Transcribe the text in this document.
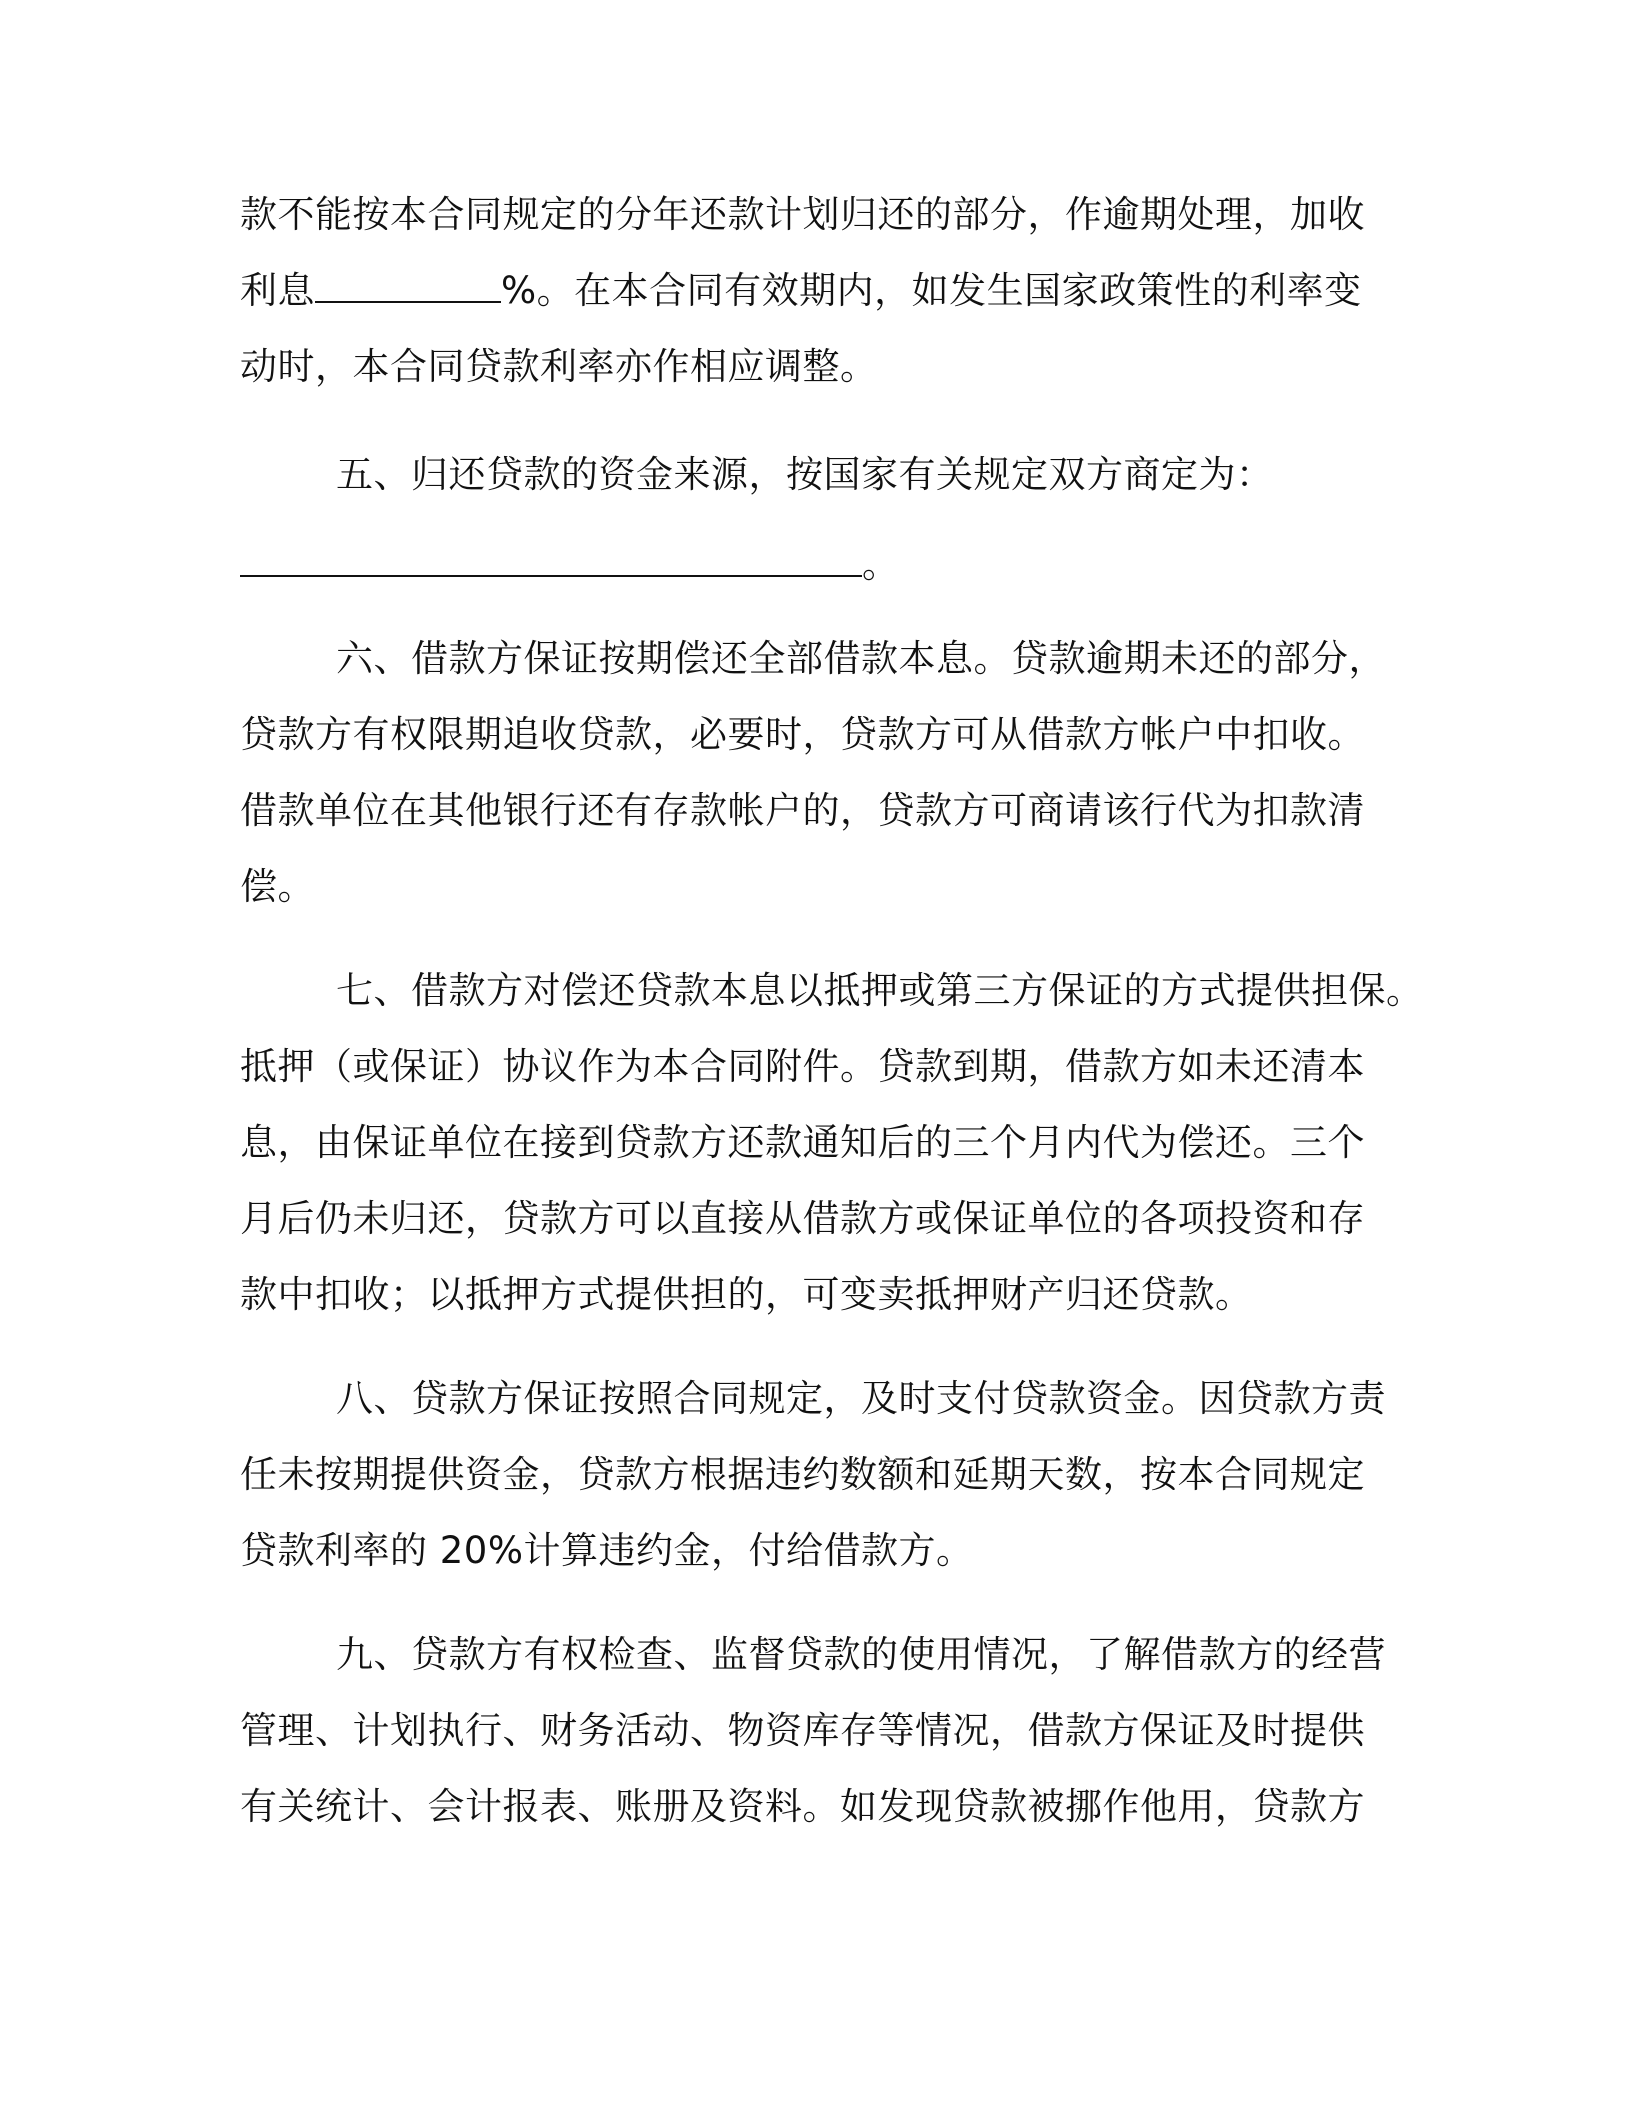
款不能按本合同规定的分年还款计划归还的部分，作逾期处理，加收
利息	%。在本合同有效期内，如发生国家政策性的利率变
动时，本合同贷款利率亦作相应调整。
五、归还贷款的资金来源，按国家有关规定双方商定为：
。
六、借款方保证按期偿还全部借款本息。贷款逾期未还的部分，
贷款方有权限期追收贷款，必要时，贷款方可从借款方帐户中扣收。
借款单位在其他银行还有存款帐户的，贷款方可商请该行代为扣款清
偿。
七、借款方对偿还贷款本息以抵押或第三方保证的方式提供担保。
抵押（或保证）协议作为本合同附件。贷款到期，借款方如未还清本
息，由保证单位在接到贷款方还款通知后的三个月内代为偿还。三个
月后仍未归还，贷款方可以直接从借款方或保证单位的各项投资和存
款中扣收；以抵押方式提供担的，可变卖抵押财产归还贷款。
八、贷款方保证按照合同规定，及时支付贷款资金。因贷款方责
任未按期提供资金，贷款方根据违约数额和延期天数，按本合同规定
贷款利率的 20%计算违约金，付给借款方。
九、贷款方有权检查、监督贷款的使用情况，了解借款方的经营
管理、计划执行、财务活动、物资库存等情况，借款方保证及时提供
有关统计、会计报表、账册及资料。如发现贷款被挪作他用，贷款方
